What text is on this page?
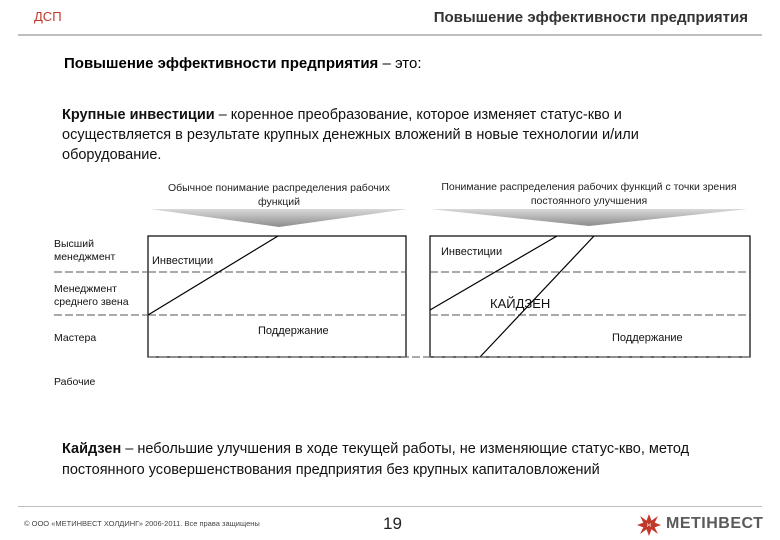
ДСП	Повышение эффективности предприятия
Повышение эффективности предприятия – это:
Крупные инвестиции – коренное преобразование, которое изменяет статус-кво и осуществляется в результате крупных денежных вложений в новые технологии и/или оборудование.
Обычное понимание распределения рабочих функций
Понимание распределения рабочих функций с точки зрения постоянного улучшения
Высший менеджмент
Менеджмент среднего звена
Мастера
Рабочие
Инвестиции
Поддержание
Инвестиции
КАЙДЗЕН
Поддержание
Кайдзен – небольшие улучшения в ходе текущей работы, не изменяющие статус-кво, метод постоянного усовершенствования предприятия без крупных капиталовложений
© ООО «МЕТИНВЕСТ ХОЛДИНГ» 2006-2011. Все права защищены	19	МЕТІНВЕСТ
